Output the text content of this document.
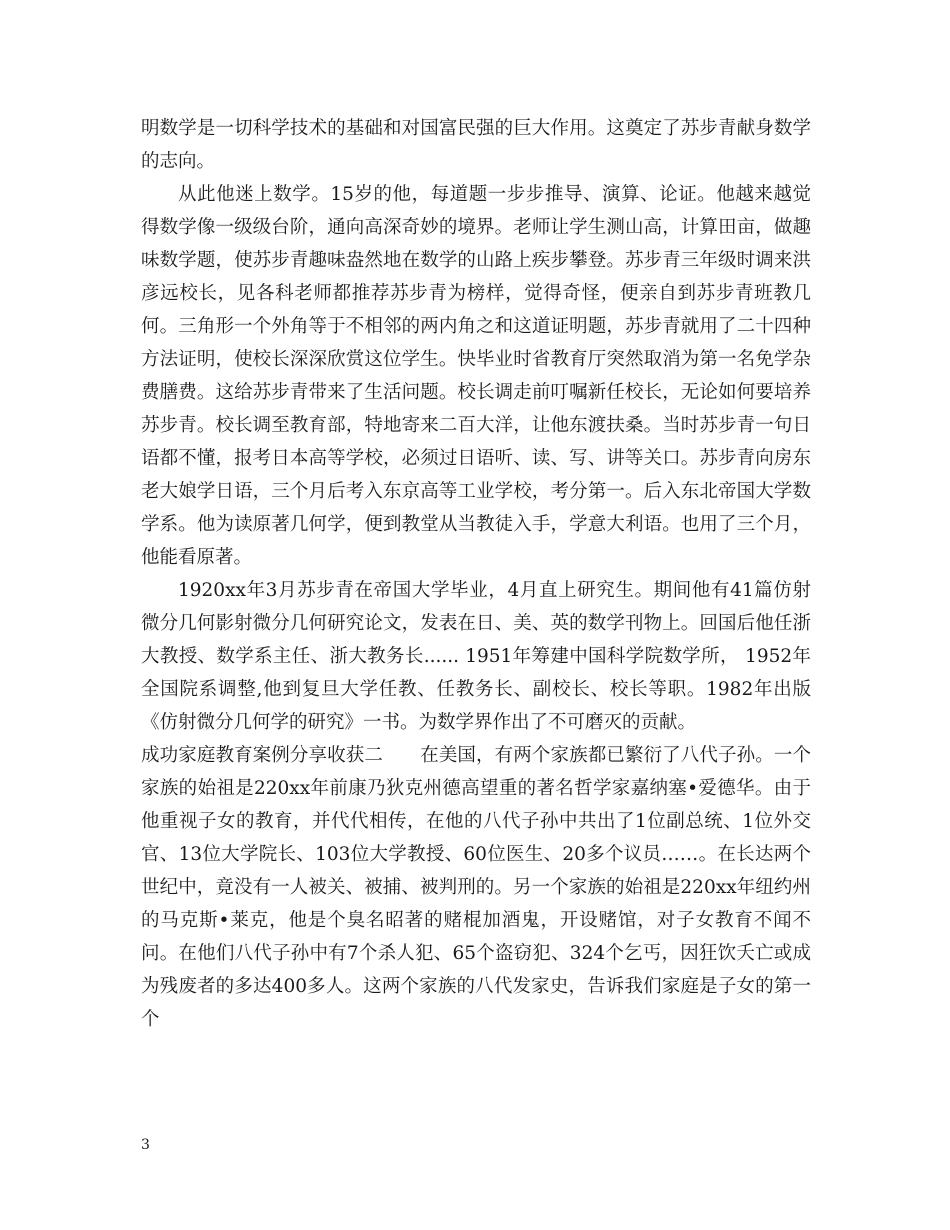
明数学是一切科学技术的基础和对国富民强的巨大作用。这奠定了苏步青献身数学的志向。

从此他迷上数学。15岁的他，每道题一步步推导、演算、论证。他越来越觉得数学像一级级台阶，通向高深奇妙的境界。老师让学生测山高，计算田亩，做趣味数学题，使苏步青趣味盎然地在数学的山路上疾步攀登。苏步青三年级时调来洪彦远校长，见各科老师都推荐苏步青为榜样，觉得奇怪，便亲自到苏步青班教几何。三角形一个外角等于不相邻的两内角之和这道证明题，苏步青就用了二十四种方法证明，使校长深深欣赏这位学生。快毕业时省教育厅突然取消为第一名免学杂费膳费。这给苏步青带来了生活问题。校长调走前叮嘱新任校长，无论如何要培养苏步青。校长调至教育部，特地寄来二百大洋，让他东渡扶桑。当时苏步青一句日语都不懂，报考日本高等学校，必须过日语听、读、写、讲等关口。苏步青向房东老大娘学日语，三个月后考入东京高等工业学校，考分第一。后入东北帝国大学数学系。他为读原著几何学，便到教堂从当教徒入手，学意大利语。也用了三个月，他能看原著。

1920xx年3月苏步青在帝国大学毕业，4月直上研究生。期间他有41篇仿射微分几何影射微分几何研究论文，发表在日、美、英的数学刊物上。回国后他任浙大教授、数学系主任、浙大教务长...... 1951年筹建中国科学院数学所， 1952年全国院系调整,他到复旦大学任教、任教务长、副校长、校长等职。1982年出版《仿射微分几何学的研究》一书。为数学界作出了不可磨灭的贡献。

成功家庭教育案例分享收获二　　在美国，有两个家族都已繁衍了八代子孙。一个家族的始祖是220xx年前康乃狄克州德高望重的著名哲学家嘉纳塞•爱德华。由于他重视子女的教育，并代代相传，在他的八代子孙中共出了1位副总统、1位外交官、13位大学院长、103位大学教授、60位医生、20多个议员……。在长达两个世纪中，竟没有一人被关、被捕、被判刑的。另一个家族的始祖是220xx年纽约州的马克斯•莱克，他是个臭名昭著的赌棍加酒鬼，开设赌馆，对子女教育不闻不问。在他们八代子孙中有7个杀人犯、65个盗窃犯、324个乞丐，因狂饮夭亡或成为残废者的多达400多人。这两个家族的八代发家史，告诉我们家庭是子女的第一个

3
